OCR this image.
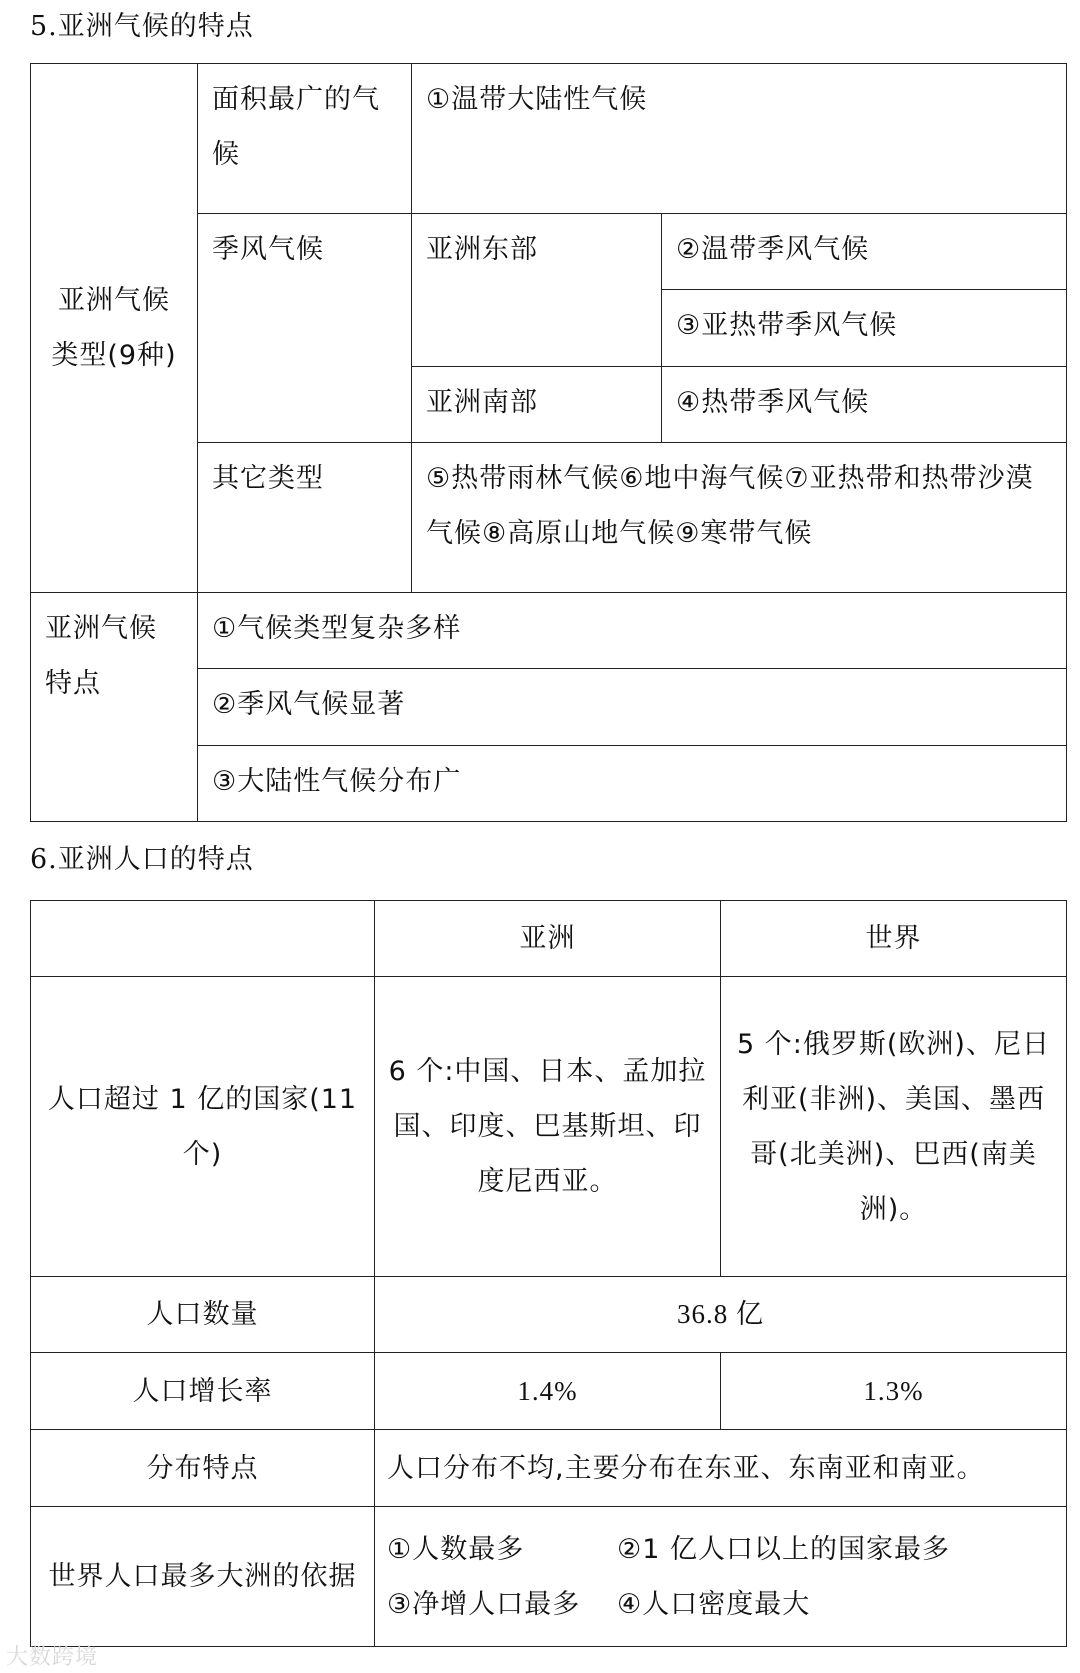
5.亚洲气候的特点
亚洲气候类型(9种)	面积最广的气候	①温带大陆性气候	
	季风气候	亚洲东部	②温带季风气候
			③亚热带季风气候
		亚洲南部	④热带季风气候
	其它类型	⑤热带雨林气候⑥地中海气候⑦亚热带和热带沙漠气候⑧高原山地气候⑨寒带气候	

亚洲气候特点	①气候类型复杂多样		
	②季风气候显著		
	③大陆性气候分布广		
6.亚洲人口的特点
	亚洲	世界
人口超过 1 亿的国家(11 个)	6 个:中国、日本、孟加拉国、印度、巴基斯坦、印度尼西亚。	5 个:俄罗斯(欧洲)、尼日利亚(非洲)、美国、墨西哥(北美洲)、巴西(南美洲)。
人口数量	36.8 亿	
人口增长率	1.4%	1.3%
分布特点	人口分布不均,主要分布在东亚、东南亚和南亚。	
世界人口最多大洲的依据	①人数最多 ②1 亿人口以上的国家最多
③净增人口最多 ④人口密度最大	
大数跨境
